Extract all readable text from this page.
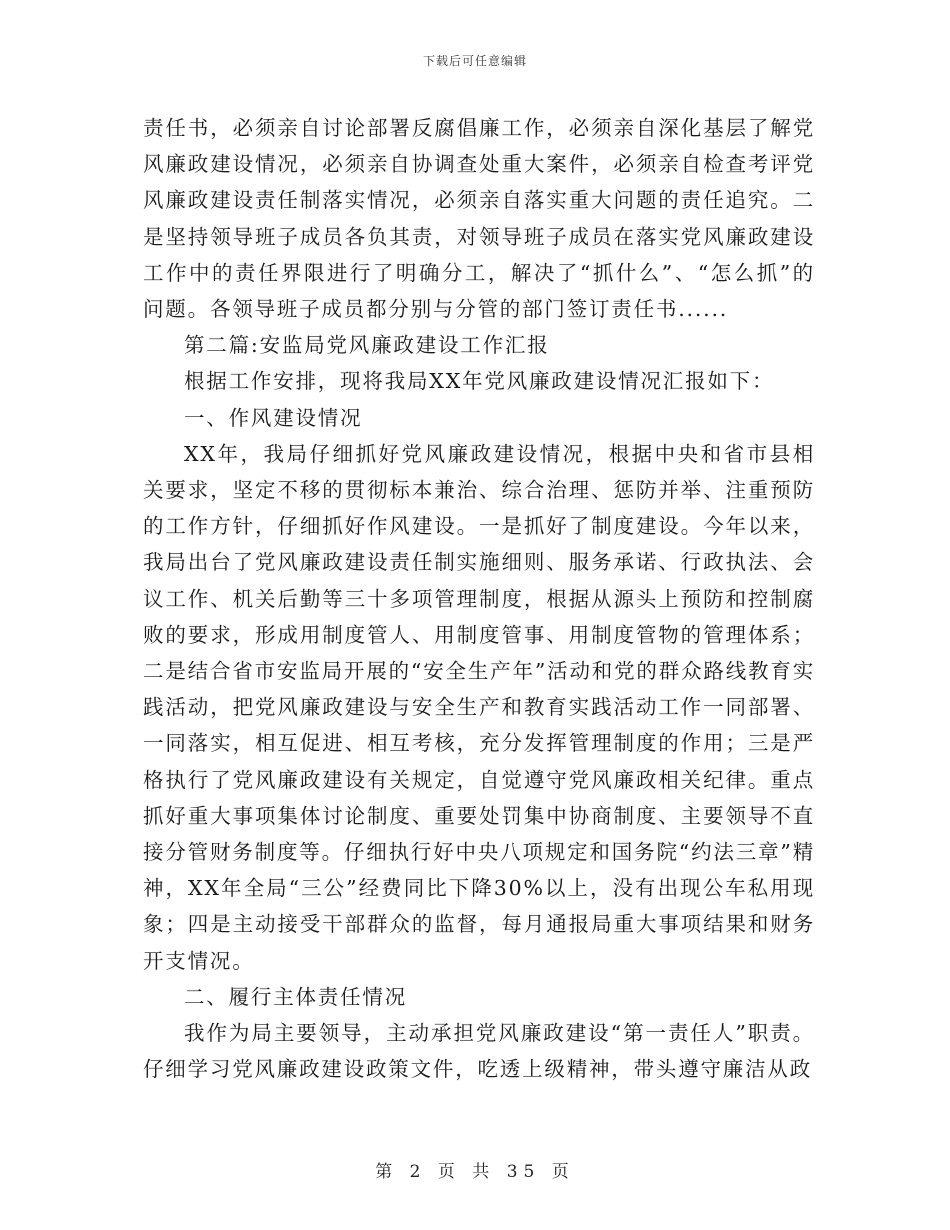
下载后可任意编辑

责任书，必须亲自讨论部署反腐倡廉工作，必须亲自深化基层了解党风廉政建设情况，必须亲自协调查处重大案件，必须亲自检查考评党风廉政建设责任制落实情况，必须亲自落实重大问题的责任追究。二是坚持领导班子成员各负其责，对领导班子成员在落实党风廉政建设工作中的责任界限进行了明确分工，解决了“抓什么”、“怎么抓”的问题。各领导班子成员都分别与分管的部门签订责任书......

第二篇:安监局党风廉政建设工作汇报

根据工作安排，现将我局XX年党风廉政建设情况汇报如下：

一、作风建设情况

XX年，我局仔细抓好党风廉政建设情况，根据中央和省市县相关要求，坚定不移的贯彻标本兼治、综合治理、惩防并举、注重预防的工作方针，仔细抓好作风建设。一是抓好了制度建设。今年以来，我局出台了党风廉政建设责任制实施细则、服务承诺、行政执法、会议工作、机关后勤等三十多项管理制度，根据从源头上预防和控制腐败的要求，形成用制度管人、用制度管事、用制度管物的管理体系；二是结合省市安监局开展的“安全生产年”活动和党的群众路线教育实践活动，把党风廉政建设与安全生产和教育实践活动工作一同部署、一同落实，相互促进、相互考核，充分发挥管理制度的作用；三是严格执行了党风廉政建设有关规定，自觉遵守党风廉政相关纪律。重点抓好重大事项集体讨论制度、重要处罚集中协商制度、主要领导不直接分管财务制度等。仔细执行好中央八项规定和国务院“约法三章”精神，XX年全局“三公”经费同比下降30%以上，没有出现公车私用现象；四是主动接受干部群众的监督，每月通报局重大事项结果和财务开支情况。

二、履行主体责任情况

我作为局主要领导，主动承担党风廉政建设“第一责任人”职责。仔细学习党风廉政建设政策文件，吃透上级精神，带头遵守廉洁从政

第 2 页 共 35 页
